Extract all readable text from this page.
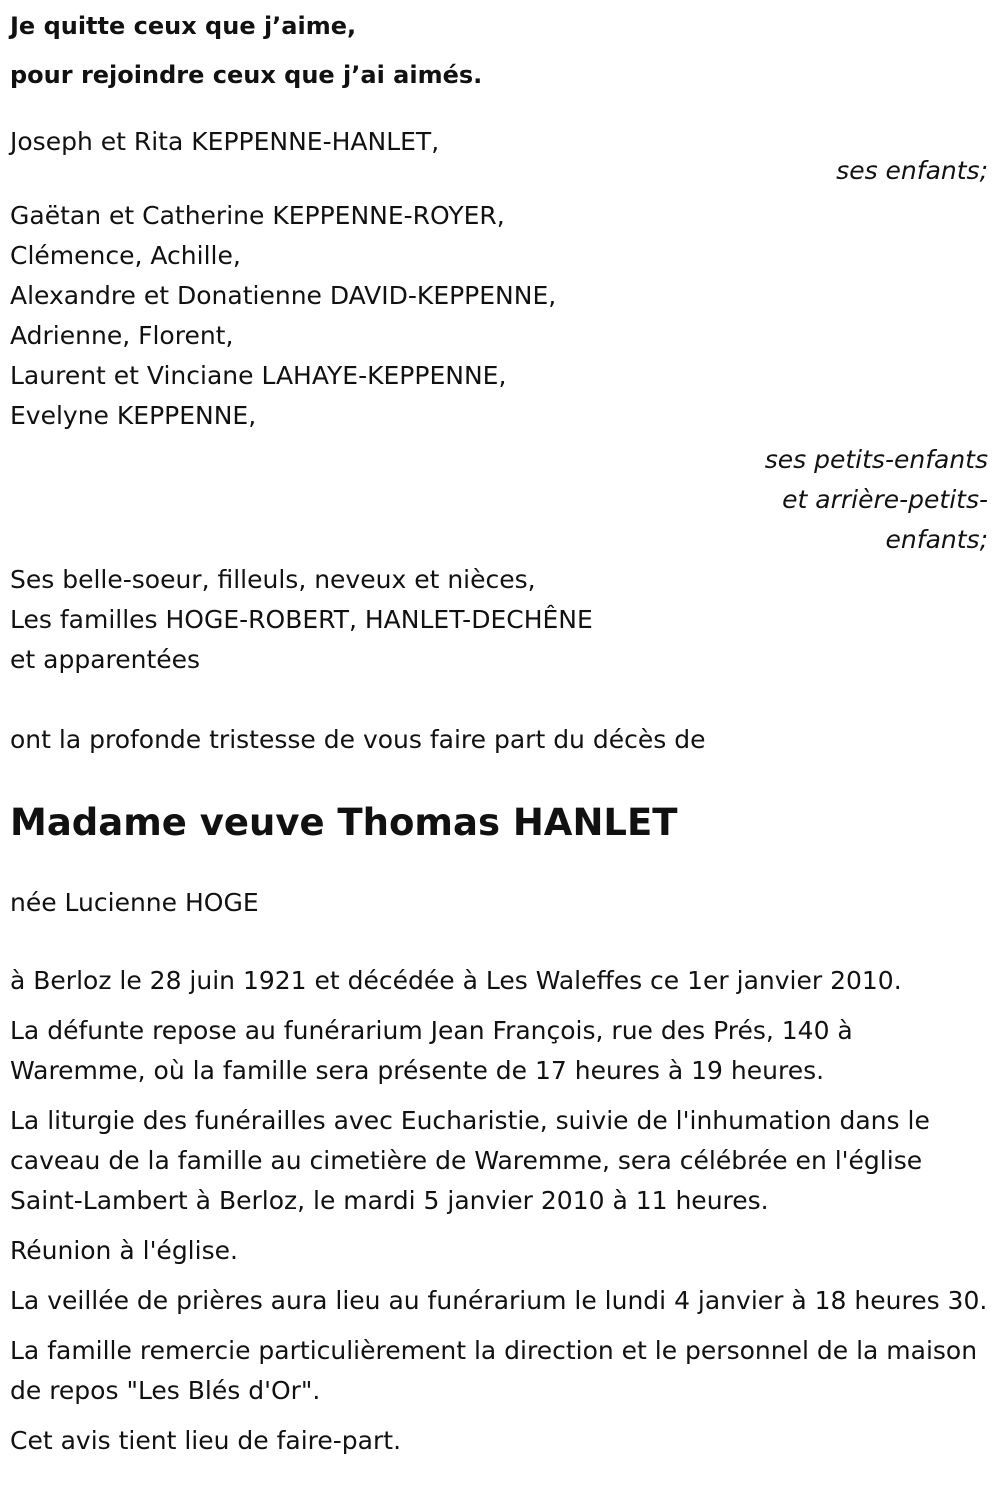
Je quitte ceux que j’aime,
pour rejoindre ceux que j’ai aimés.
Joseph et Rita KEPPENNE-HANLET,
ses enfants;
Gaëtan et Catherine KEPPENNE-ROYER,
Clémence, Achille,
Alexandre et Donatienne DAVID-KEPPENNE,
Adrienne, Florent,
Laurent et Vinciane LAHAYE-KEPPENNE,
Evelyne KEPPENNE,
ses petits-enfants
et arrière-petits-
enfants;
Ses belle-soeur, filleuls, neveux et nièces,
Les familles HOGE-ROBERT, HANLET-DECHÊNE
et apparentées
ont la profonde tristesse de vous faire part du décès de
Madame veuve Thomas HANLET
née Lucienne HOGE

à Berloz le 28 juin 1921 et décédée à Les Waleffes ce 1er janvier 2010.

La défunte repose au funérarium Jean François, rue des Prés, 140 à Waremme, où la famille sera présente de 17 heures à 19 heures.

La liturgie des funérailles avec Eucharistie, suivie de l'inhumation dans le caveau de la famille au cimetière de Waremme, sera célébrée en l'église Saint-Lambert à Berloz, le mardi 5 janvier 2010 à 11 heures.

Réunion à l'église.

La veillée de prières aura lieu au funérarium le lundi 4 janvier à 18 heures 30.

La famille remercie particulièrement la direction et le personnel de la maison de repos "Les Blés d'Or".

Cet avis tient lieu de faire-part.
